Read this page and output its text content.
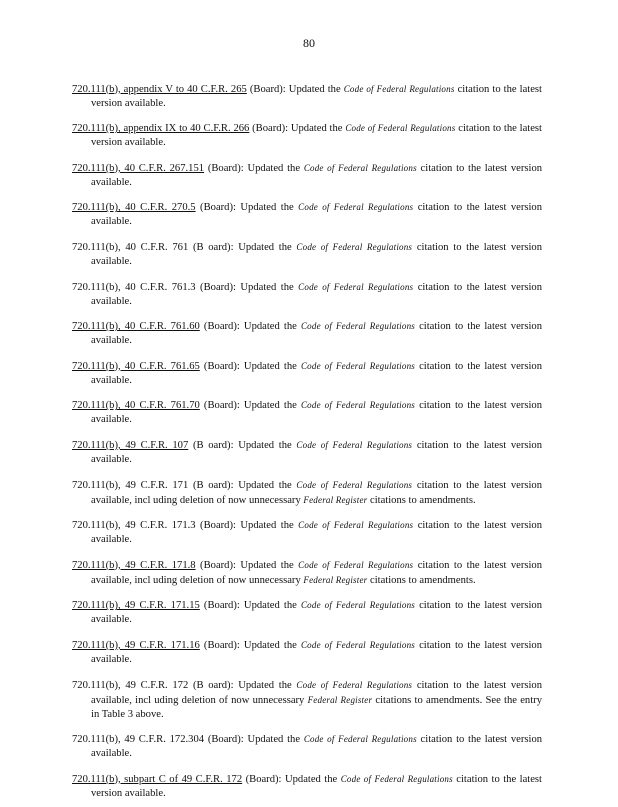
80

720.111(b), appendix V to 40 C.F.R. 265 (Board): Updated the Code of Federal Regulations citation to the latest version available.

720.111(b), appendix IX to 40 C.F.R. 266 (Board): Updated the Code of Federal Regulations citation to the latest version available.

720.111(b), 40 C.F.R. 267.151 (Board): Updated the Code of Federal Regulations citation to the latest version available.

720.111(b), 40 C.F.R. 270.5 (Board): Updated the Code of Federal Regulations citation to the latest version available.

720.111(b), 40 C.F.R. 761 (B oard): Updated the Code of Federal Regulations citation to the latest version available.

720.111(b), 40 C.F.R. 761.3 (Board): Updated the Code of Federal Regulations citation to the latest version available.

720.111(b), 40 C.F.R. 761.60 (Board): Updated the Code of Federal Regulations citation to the latest version available.

720.111(b), 40 C.F.R. 761.65 (Board): Updated the Code of Federal Regulations citation to the latest version available.

720.111(b), 40 C.F.R. 761.70 (Board): Updated the Code of Federal Regulations citation to the latest version available.

720.111(b), 49 C.F.R. 107 (B oard): Updated the Code of Federal Regulations citation to the latest version available.

720.111(b), 49 C.F.R. 171 (B oard): Updated the Code of Federal Regulations citation to the latest version available, incl uding deletion of now unnecessary Federal Register citations to amendments.

720.111(b), 49 C.F.R. 171.3 (Board): Updated the Code of Federal Regulations citation to the latest version available.

720.111(b), 49 C.F.R. 171.8 (Board): Updated the Code of Federal Regulations citation to the latest version available, incl uding deletion of now unnecessary Federal Register citations to amendments.

720.111(b), 49 C.F.R. 171.15 (Board): Updated the Code of Federal Regulations citation to the latest version available.

720.111(b), 49 C.F.R. 171.16 (Board): Updated the Code of Federal Regulations citation to the latest version available.

720.111(b), 49 C.F.R. 172 (B oard): Updated the Code of Federal Regulations citation to the latest version available, incl uding deletion of now unnecessary Federal Register citations to amendments. See the entry in Table 3 above.

720.111(b), 49 C.F.R. 172.304 (Board): Updated the Code of Federal Regulations citation to the latest version available.

720.111(b), subpart C of 49 C.F.R. 172 (Board): Updated the Code of Federal Regulations citation to the latest version available.
